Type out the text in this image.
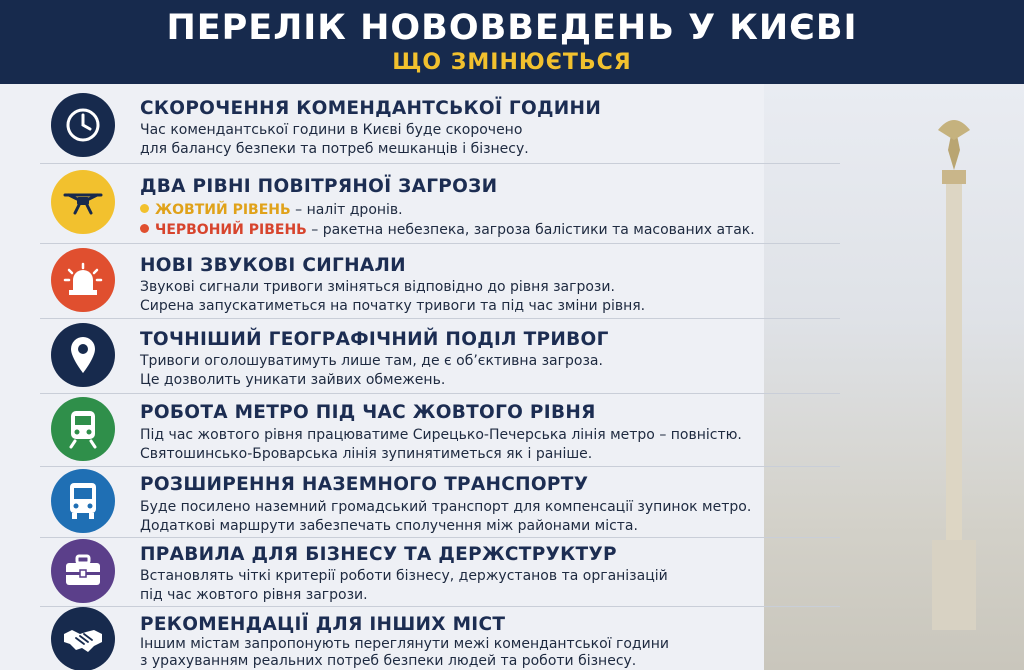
ПЕРЕЛІК НОВОВВЕДЕНЬ У КИЄВІ
ЩО ЗМІНЮЄТЬСЯ
СКОРОЧЕННЯ КОМЕНДАНТСЬКОЇ ГОДИНИ
Час комендантської години в Києві буде скорочено
для балансу безпеки та потреб мешканців і бізнесу.
ДВА РІВНІ ПОВІТРЯНОЇ ЗАГРОЗИ
ЖОВТИЙ РІВЕНЬ – наліт дронів.
ЧЕРВОНИЙ РІВЕНЬ – ракетна небезпека, загроза балістики та масованих атак.
НОВІ ЗВУКОВІ СИГНАЛИ
Звукові сигнали тривоги зміняться відповідно до рівня загрози.
Сирена запускатиметься на початку тривоги та під час зміни рівня.
ТОЧНІШИЙ ГЕОГРАФІЧНИЙ ПОДІЛ ТРИВОГ
Тривоги оголошуватимуть лише там, де є об’єктивна загроза.
Це дозволить уникати зайвих обмежень.
РОБОТА МЕТРО ПІД ЧАС ЖОВТОГО РІВНЯ
Під час жовтого рівня працюватиме Сирецько-Печерська лінія метро – повністю.
Святошинсько-Броварська лінія зупинятиметься як і раніше.
РОЗШИРЕННЯ НАЗЕМНОГО ТРАНСПОРТУ
Буде посилено наземний громадський транспорт для компенсації зупинок метро.
Додаткові маршрути забезпечать сполучення між районами міста.
ПРАВИЛА ДЛЯ БІЗНЕСУ ТА ДЕРЖСТРУКТУР
Встановлять чіткі критерії роботи бізнесу, держустанов та організацій
під час жовтого рівня загрози.
РЕКОМЕНДАЦІЇ ДЛЯ ІНШИХ МІСТ
Іншим містам запропонують переглянути межі комендантської години
з урахуванням реальних потреб безпеки людей та роботи бізнесу.
